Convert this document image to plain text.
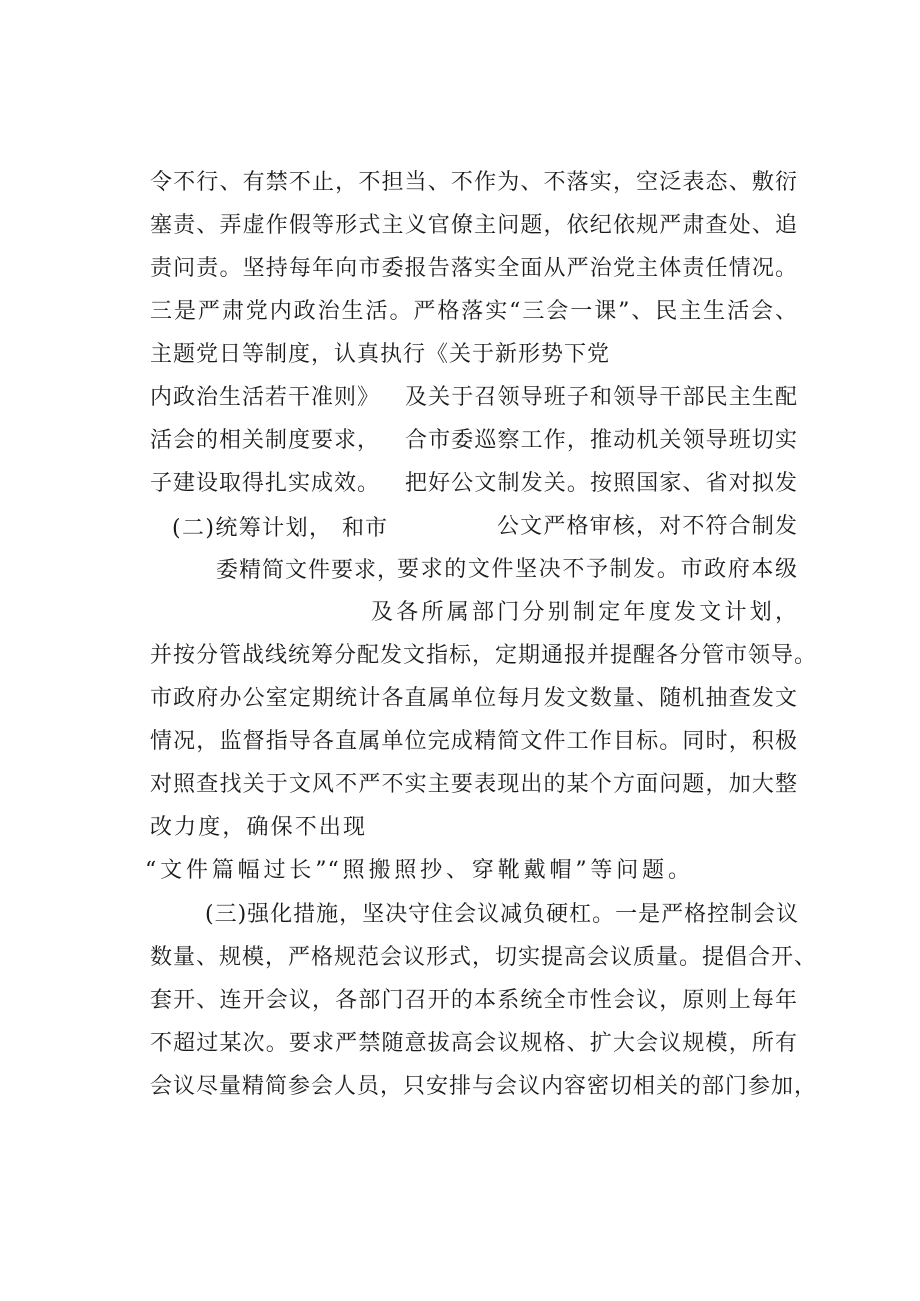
令不行、有禁不止，不担当、不作为、不落实，空泛表态、敷衍
塞责、弄虚作假等形式主义官僚主问题，依纪依规严肃查处、追
责问责。坚持每年向市委报告落实全面从严治党主体责任情况。
三是严肃党内政治生活。严格落实“三会一课”、民主生活会、
主题党日等制度，认真执行《关于新形势下党
内政治生活若干准则》 及关于召领导班子和领导干部民主生配
活会的相关制度要求， 合市委巡察工作，推动机关领导班切实
子建设取得扎实成效。 把好公文制发关。按照国家、省对拟发
(二)统筹计划， 和市	公文严格审核，对不符合制发
委精简文件要求，
要求的文件坚决不予制发。市政府本级
及各所属部门分别制定年度发文计划，
并按分管战线统筹分配发文指标，定期通报并提醒各分管市领导。
市政府办公室定期统计各直属单位每月发文数量、随机抽查发文
情况，监督指导各直属单位完成精简文件工作目标。同时，积极
对照查找关于文风不严不实主要表现出的某个方面问题，加大整
改力度，确保不出现
“文件篇幅过长”“照搬照抄、穿靴戴帽”等问题。
(三)强化措施，坚决守住会议减负硬杠。一是严格控制会议
数量、规模，严格规范会议形式，切实提高会议质量。提倡合开、
套开、连开会议，各部门召开的本系统全市性会议，原则上每年
不超过某次。要求严禁随意拔高会议规格、扩大会议规模，所有
会议尽量精简参会人员，只安排与会议内容密切相关的部门参加，
